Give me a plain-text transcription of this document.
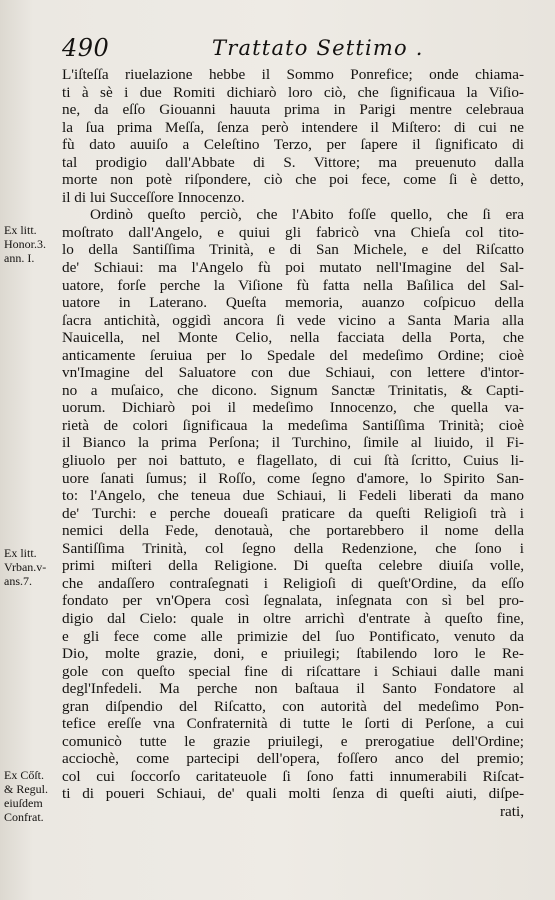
490	Trattato Settimo .
Ex litt.
Honor.3.
ann. I.
Ex litt.
Vrban.v-
ans.7.
Ex Cőſt.
& Regul.
eiuſdem
Confrat.
L'iſteſſa riuelazione hebbe il Sommo Ponrefice; onde chiama-
ti à sè i due Romiti dichiarò loro ciò, che ſignificaua la Viſio-
ne, da eſſo Giouanni hauuta prima in Parigi mentre celebraua
la ſua prima Meſſa, ſenza però intendere il Miſtero: di cui ne
fù dato auuiſo a Celeſtino Terzo, per ſapere il ſignificato di
tal prodigio dall'Abbate di S. Vittore; ma preuenuto dalla
morte non potè riſpondere, ciò che poi fece, come ſi è detto,
il di lui Succeſſore Innocenzo.
Ordinò queſto perciò, che l'Abito foſſe quello, che ſi era
moſtrato dall'Angelo, e quiui gli fabricò vna Chieſa col tito-
lo della Santiſſima Trinità, e di San Michele, e del Riſcatto
de' Schiaui: ma l'Angelo fù poi mutato nell'Imagine del Sal-
uatore, forſe perche la Viſione fù fatta nella Baſilica del Sal-
uatore in Laterano. Queſta memoria, auanzo coſpicuo della
ſacra antichità, oggidì ancora ſi vede vicino a Santa Maria alla
Nauicella, nel Monte Celio, nella facciata della Porta, che
anticamente ſeruiua per lo Spedale del medeſimo Ordine; cioè
vn'Imagine del Saluatore con due Schiaui, con lettere d'intor-
no a muſaico, che dicono. Signum Sanctæ Trinitatis, & Capti-
uorum. Dichiarò poi il medeſimo Innocenzo, che quella va-
rietà de colori ſignificaua la medeſima Santiſſima Trinità; cioè
il Bianco la prima Perſona; il Turchino, ſimile al liuido, il Fi-
gliuolo per noi battuto, e flagellato, di cui ſtà ſcritto, Cuius li-
uore ſanati ſumus; il Roſſo, come ſegno d'amore, lo Spirito San-
to: l'Angelo, che teneua due Schiaui, li Fedeli liberati da mano
de' Turchi: e perche doueaſi praticare da queſti Religioſi trà i
nemici della Fede, denotauà, che portarebbero il nome della
Santiſſima Trinità, col ſegno della Redenzione, che ſono i
primi miſteri della Religione. Di queſta celebre diuiſa volle,
che andaſſero contraſegnati i Religioſi di queſt'Ordine, da eſſo
fondato per vn'Opera così ſegnalata, inſegnata con sì bel pro-
digio dal Cielo: quale in oltre arrichì d'entrate à queſto fine,
e gli fece come alle primizie del ſuo Pontificato, venuto da
Dio, molte grazie, doni, e priuilegi; ſtabilendo loro le Re-
gole con queſto special fine di riſcattare i Schiaui dalle mani
degl'Infedeli. Ma perche non baſtaua il Santo Fondatore al
gran diſpendio del Riſcatto, con autorità del medeſimo Pon-
tefice ereſſe vna Confraternità di tutte le ſorti di Perſone, a cui
comunicò tutte le grazie priuilegi, e prerogatiue dell'Ordine;
acciochè, come partecipi dell'opera, foſſero anco del premio;
col cui ſoccorſo caritateuole ſi ſono fatti innumerabili Riſcat-
ti di poueri Schiaui, de' quali molti ſenza di queſti aiuti, diſpe-
rati,
